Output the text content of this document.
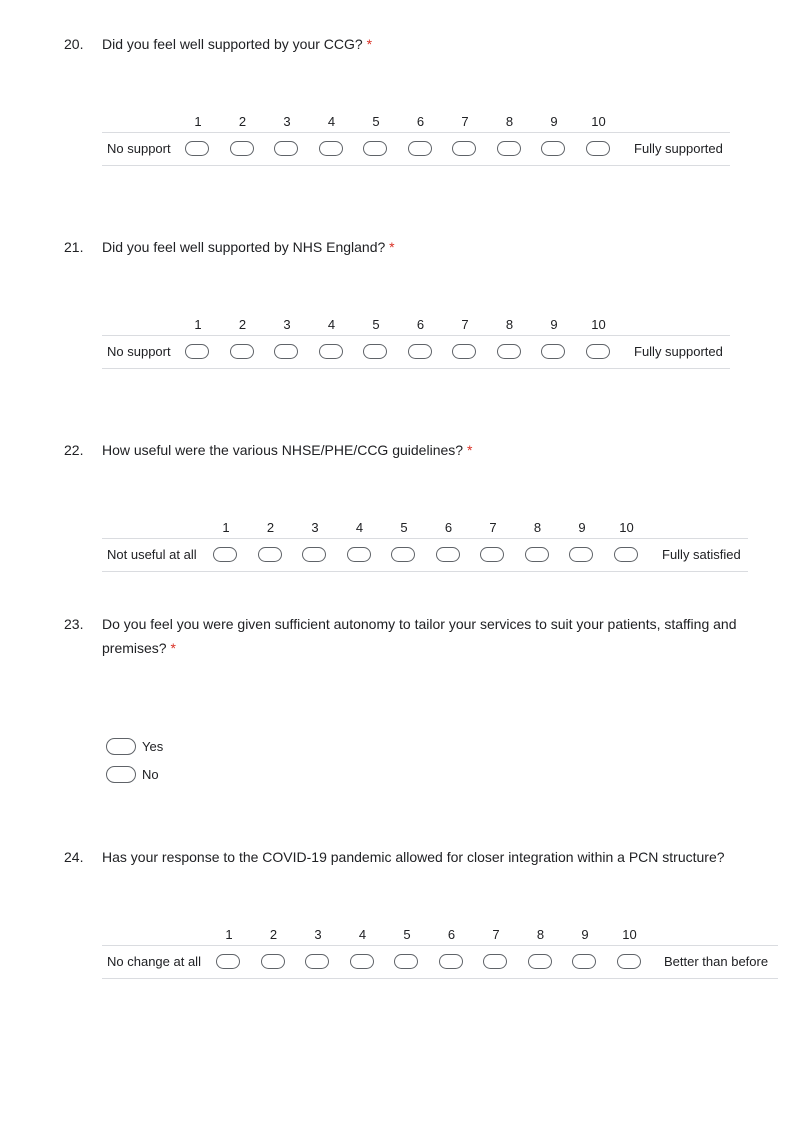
20. Did you feel well supported by your CCG? *
1	2	3	4	5	6	7	8	9	10
No support	Fully supported
21. Did you feel well supported by NHS England? *
1	2	3	4	5	6	7	8	9	10
No support	Fully supported
22. How useful were the various NHSE/PHE/CCG guidelines? *
1	2	3	4	5	6	7	8	9	10
Not useful at all	Fully satisfied
23. Do you feel you were given sufficient autonomy to tailor your services to suit your patients, staffing and
premises? *
Yes
No
24. Has your response to the COVID-19 pandemic allowed for closer integration within a PCN structure?
1	2	3	4	5	6	7	8	9	10
No change at all	Better than before
